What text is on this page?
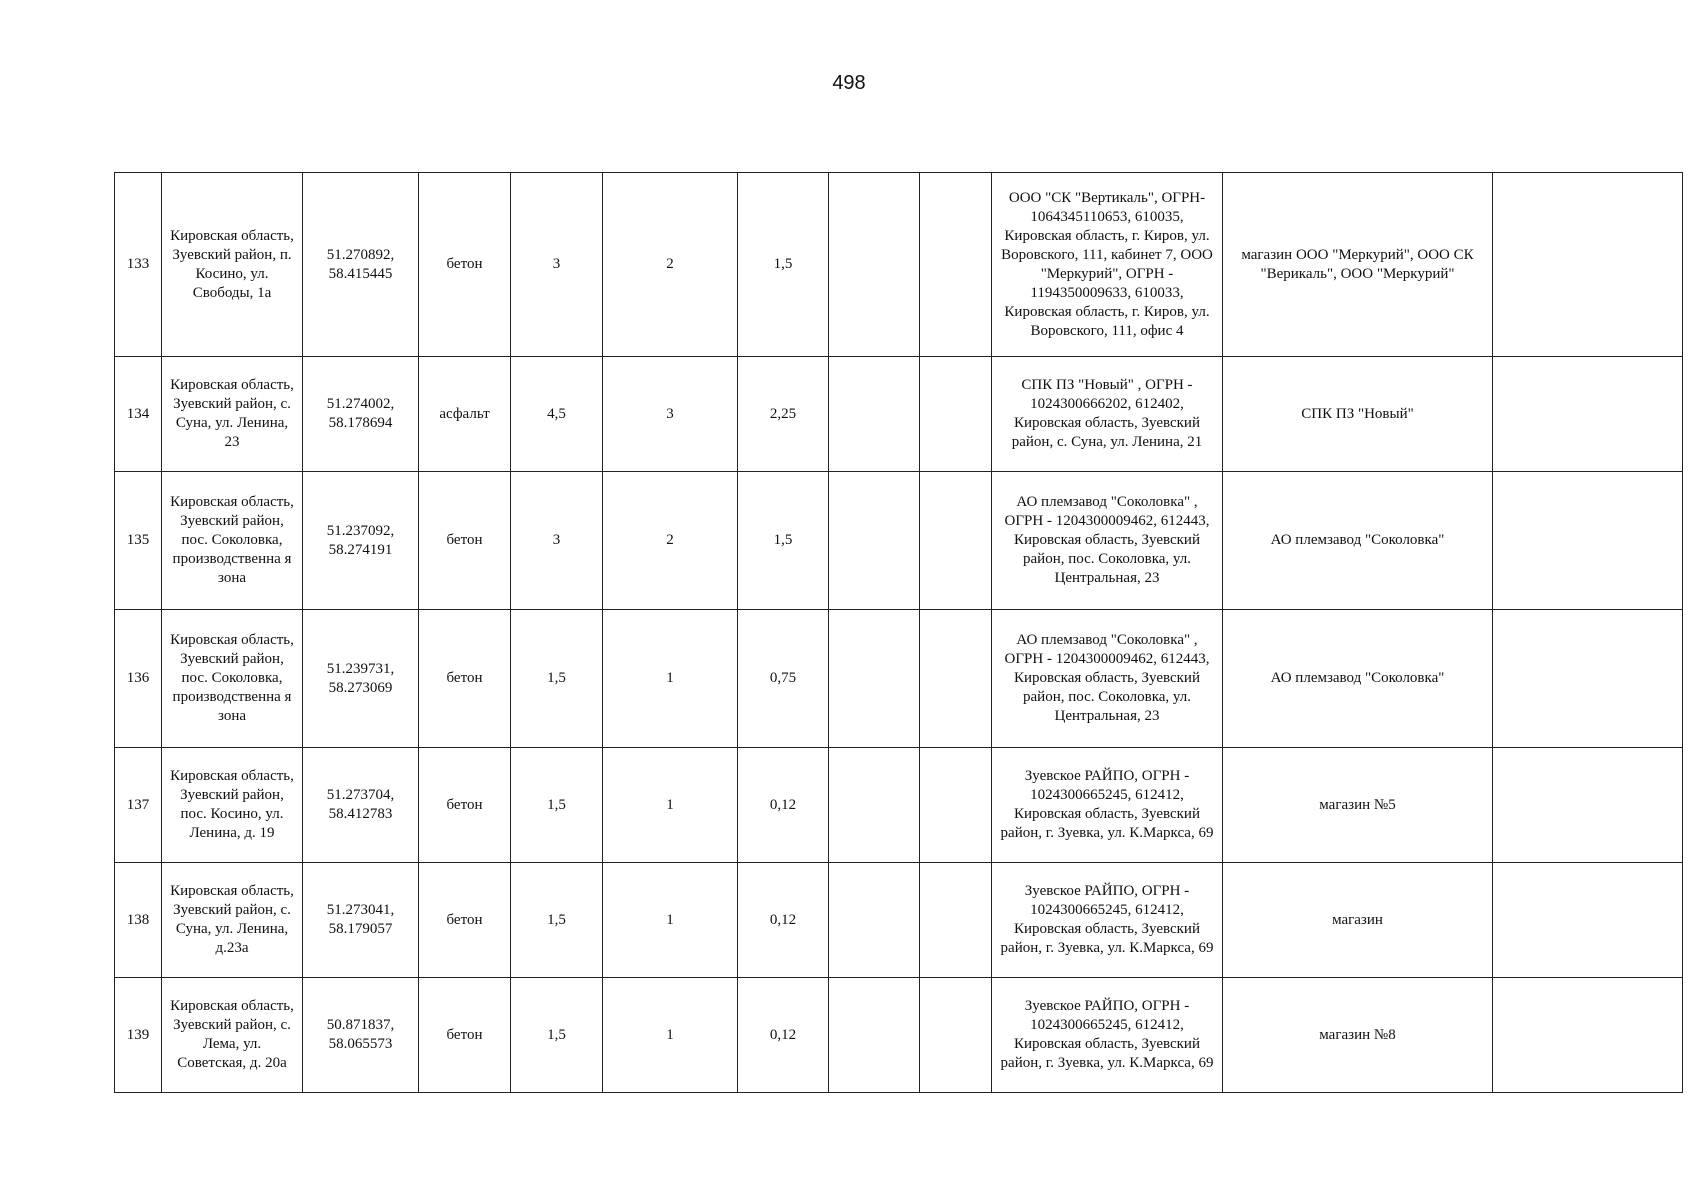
498
133	Кировская область, Зуевский район, п. Косино, ул. Свободы, 1а	51.270892, 58.415445	бетон	3	2	1,5			ООО "СК "Вертикаль", ОГРН- 1064345110653, 610035, Кировская область, г. Киров, ул. Воровского, 111, кабинет 7, ООО "Меркурий", ОГРН - 1194350009633, 610033, Кировская область, г. Киров, ул. Воровского, 111, офис 4	магазин ООО "Меркурий", ООО СК "Верикаль", ООО "Меркурий"	
134	Кировская область, Зуевский район, с. Суна, ул. Ленина, 23	51.274002, 58.178694	асфальт	4,5	3	2,25			СПК ПЗ "Новый" , ОГРН - 1024300666202, 612402, Кировская область, Зуевский район, с. Суна, ул. Ленина, 21	СПК ПЗ "Новый"	
135	Кировская область, Зуевский район, пос. Соколовка, производственна я зона	51.237092, 58.274191	бетон	3	2	1,5			АО племзавод "Соколовка" , ОГРН - 1204300009462, 612443, Кировская область, Зуевский район, пос. Соколовка, ул. Центральная, 23	АО племзавод "Соколовка"	
136	Кировская область, Зуевский район, пос. Соколовка, производственна я зона	51.239731, 58.273069	бетон	1,5	1	0,75			АО племзавод "Соколовка" , ОГРН - 1204300009462, 612443, Кировская область, Зуевский район, пос. Соколовка, ул. Центральная, 23	АО племзавод "Соколовка"	
137	Кировская область, Зуевский район, пос. Косино, ул. Ленина, д. 19	51.273704, 58.412783	бетон	1,5	1	0,12			Зуевское РАЙПО, ОГРН - 1024300665245, 612412, Кировская область, Зуевский район, г. Зуевка, ул. К.Маркса, 69	магазин №5	
138	Кировская область, Зуевский район, с. Суна, ул. Ленина, д.23а	51.273041, 58.179057	бетон	1,5	1	0,12			Зуевское РАЙПО, ОГРН - 1024300665245, 612412, Кировская область, Зуевский район, г. Зуевка, ул. К.Маркса, 69	магазин	
139	Кировская область, Зуевский район, с. Лема, ул. Советская, д. 20а	50.871837, 58.065573	бетон	1,5	1	0,12			Зуевское РАЙПО, ОГРН - 1024300665245, 612412, Кировская область, Зуевский район, г. Зуевка, ул. К.Маркса, 69	магазин №8	
